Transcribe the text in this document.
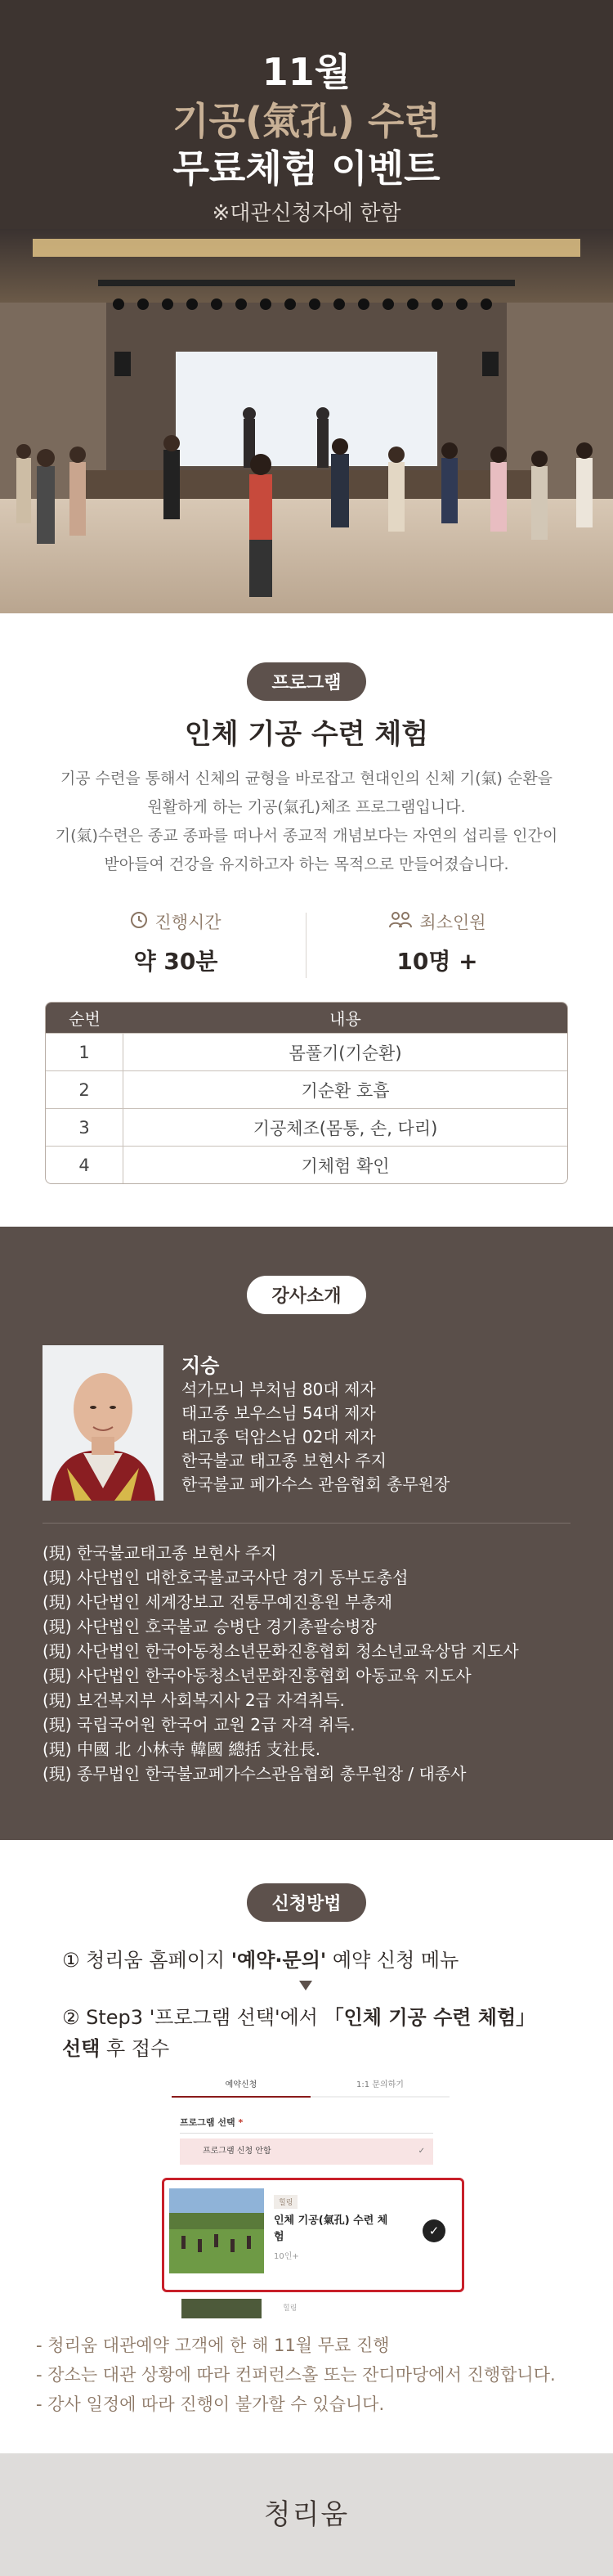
11월
기공(氣孔) 수련
무료체험 이벤트
※대관신청자에 한함
프로그램
인체 기공 수련 체험
기공 수련을 통해서 신체의 균형을 바로잡고 현대인의 신체 기(氣) 순환을
원활하게 하는 기공(氣孔)체조 프로그램입니다.
기(氣)수련은 종교 종파를 떠나서 종교적 개념보다는 자연의 섭리를 인간이
받아들여 건강을 유지하고자 하는 목적으로 만들어졌습니다.
진행시간
약 30분
최소인원
10명 +
순번	내용
1	몸풀기(기순환)
2	기순환 호흡
3	기공체조(몸통, 손, 다리)
4	기체험 확인
강사소개
지승
석가모니 부처님 80대 제자
태고종 보우스님 54대 제자
태고종 덕암스님 02대 제자
한국불교 태고종 보현사 주지
한국불교 페가수스 관음협회 총무원장
(現) 한국불교태고종 보현사 주지
(現) 사단법인 대한호국불교국사단 경기 동부도총섭
(現) 사단법인 세계장보고 전통무예진흥원 부총재
(現) 사단법인 호국불교 승병단 경기총괄승병장
(現) 사단법인 한국아동청소년문화진흥협회 청소년교육상담 지도사
(現) 사단법인 한국아동청소년문화진흥협회 아동교육 지도사
(現) 보건복지부 사회복지사 2급 자격취득.
(現) 국립국어원 한국어 교원 2급 자격 취득.
(現) 中國 北 小林寺 韓國 總括 支社長.
(現) 종무법인 한국불교페가수스관음협회 총무원장 / 대종사
신청방법
① 청리움 홈페이지 '예약·문의' 예약 신청 메뉴
② Step3 '프로그램 선택'에서 「인체 기공 수련 체험」
선택 후 접수
예약신청	1:1 문의하기
프로그램 선택 *
프로그램 신청 안함	✓
힐링
인체 기공(氣孔) 수련 체험
10인+
✓
힐링
- 청리움 대관예약 고객에 한 해 11월 무료 진행
- 장소는 대관 상황에 따라 컨퍼런스홀 또는 잔디마당에서 진행합니다.
- 강사 일정에 따라 진행이 불가할 수 있습니다.
청리움
